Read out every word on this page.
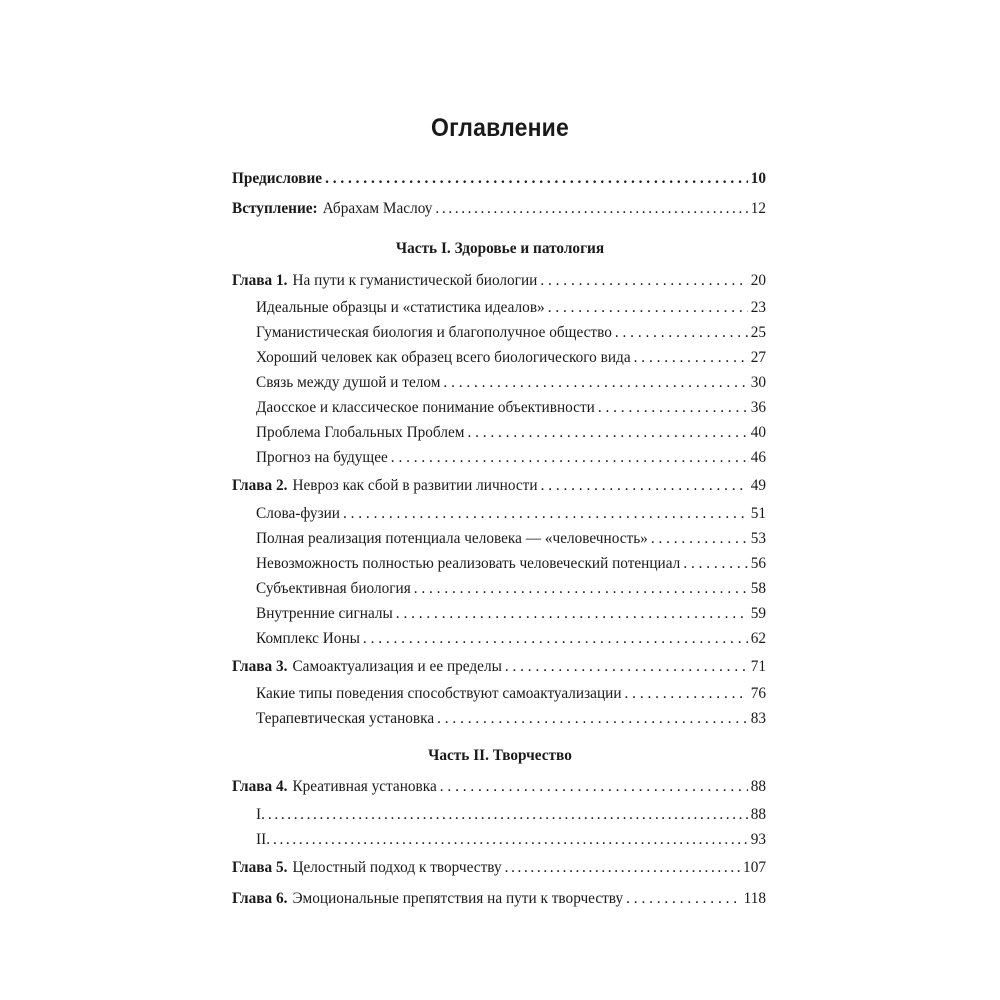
Оглавление
Предисловие . . .	10
Вступление: Абрахам Маслоу . . .	12
Часть I. Здоровье и патология
Глава 1. На пути к гуманистической биологии . . .	20
Идеальные образцы и «статистика идеалов» . . .	23
Гуманистическая биология и благополучное общество . . .	25
Хороший человек как образец всего биологического вида . . .	27
Связь между душой и телом . . .	30
Даосское и классическое понимание объективности . . .	36
Проблема Глобальных Проблем . . .	40
Прогноз на будущее . . .	46
Глава 2. Невроз как сбой в развитии личности . . .	49
Слова-фузии . . .	51
Полная реализация потенциала человека — «человечность» . . .	53
Невозможность полностью реализовать человеческий потенциал . . .	56
Субъективная биология . . .	58
Внутренние сигналы . . .	59
Комплекс Ионы . . .	62
Глава 3. Самоактуализация и ее пределы . . .	71
Какие типы поведения способствуют самоактуализации . . .	76
Терапевтическая установка . . .	83
Часть II. Творчество
Глава 4. Креативная установка . . .	88
I. . . .	88
II. . . .	93
Глава 5. Целостный подход к творчеству . . .	107
Глава 6. Эмоциональные препятствия на пути к творчеству . . .	118
